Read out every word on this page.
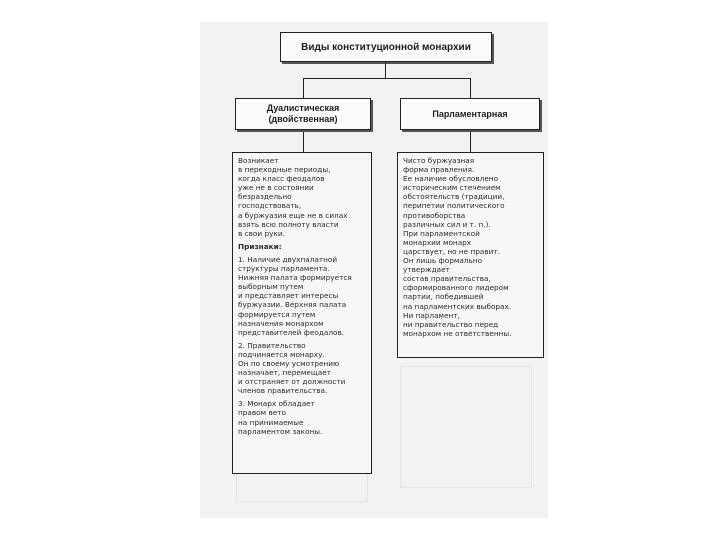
Виды конституционной монархии
Дуалистическая
(двойственная)	Парламентарная

Возникает
в переходные периоды,
когда класс феодалов
уже не в состоянии
безраздельно
господствовать,
а буржуазия еще не в силах
взять всю полноту власти
в свои руки.

Признаки:

1. Наличие двухпалатной
структуры парламента.
Нижняя палата формируется
выборным путем
и представляет интересы
буржуазии. Верхняя палата
формируется путем
назначения монархом
представителей феодалов.

2. Правительство
подчиняется монарху.
Он по своему усмотрению
назначает, перемещает
и отстраняет от должности
членов правительства.

3. Монарх обладает
правом вето
на принимаемые
парламентом законы.

Чисто буржуазная
форма правления.
Ее наличие обусловлено
историческим стечением
обстоятельств (традиции,
перипетии политического
противоборства
различных сил и т. п.).
При парламентской
монархии монарх
царствует, но не правит.
Он лишь формально
утверждает
состав правительства,
сформированного лидером
партии, победившей
на парламентских выборах.
Ни парламент,
ни правительство перед
монархом не ответственны.
